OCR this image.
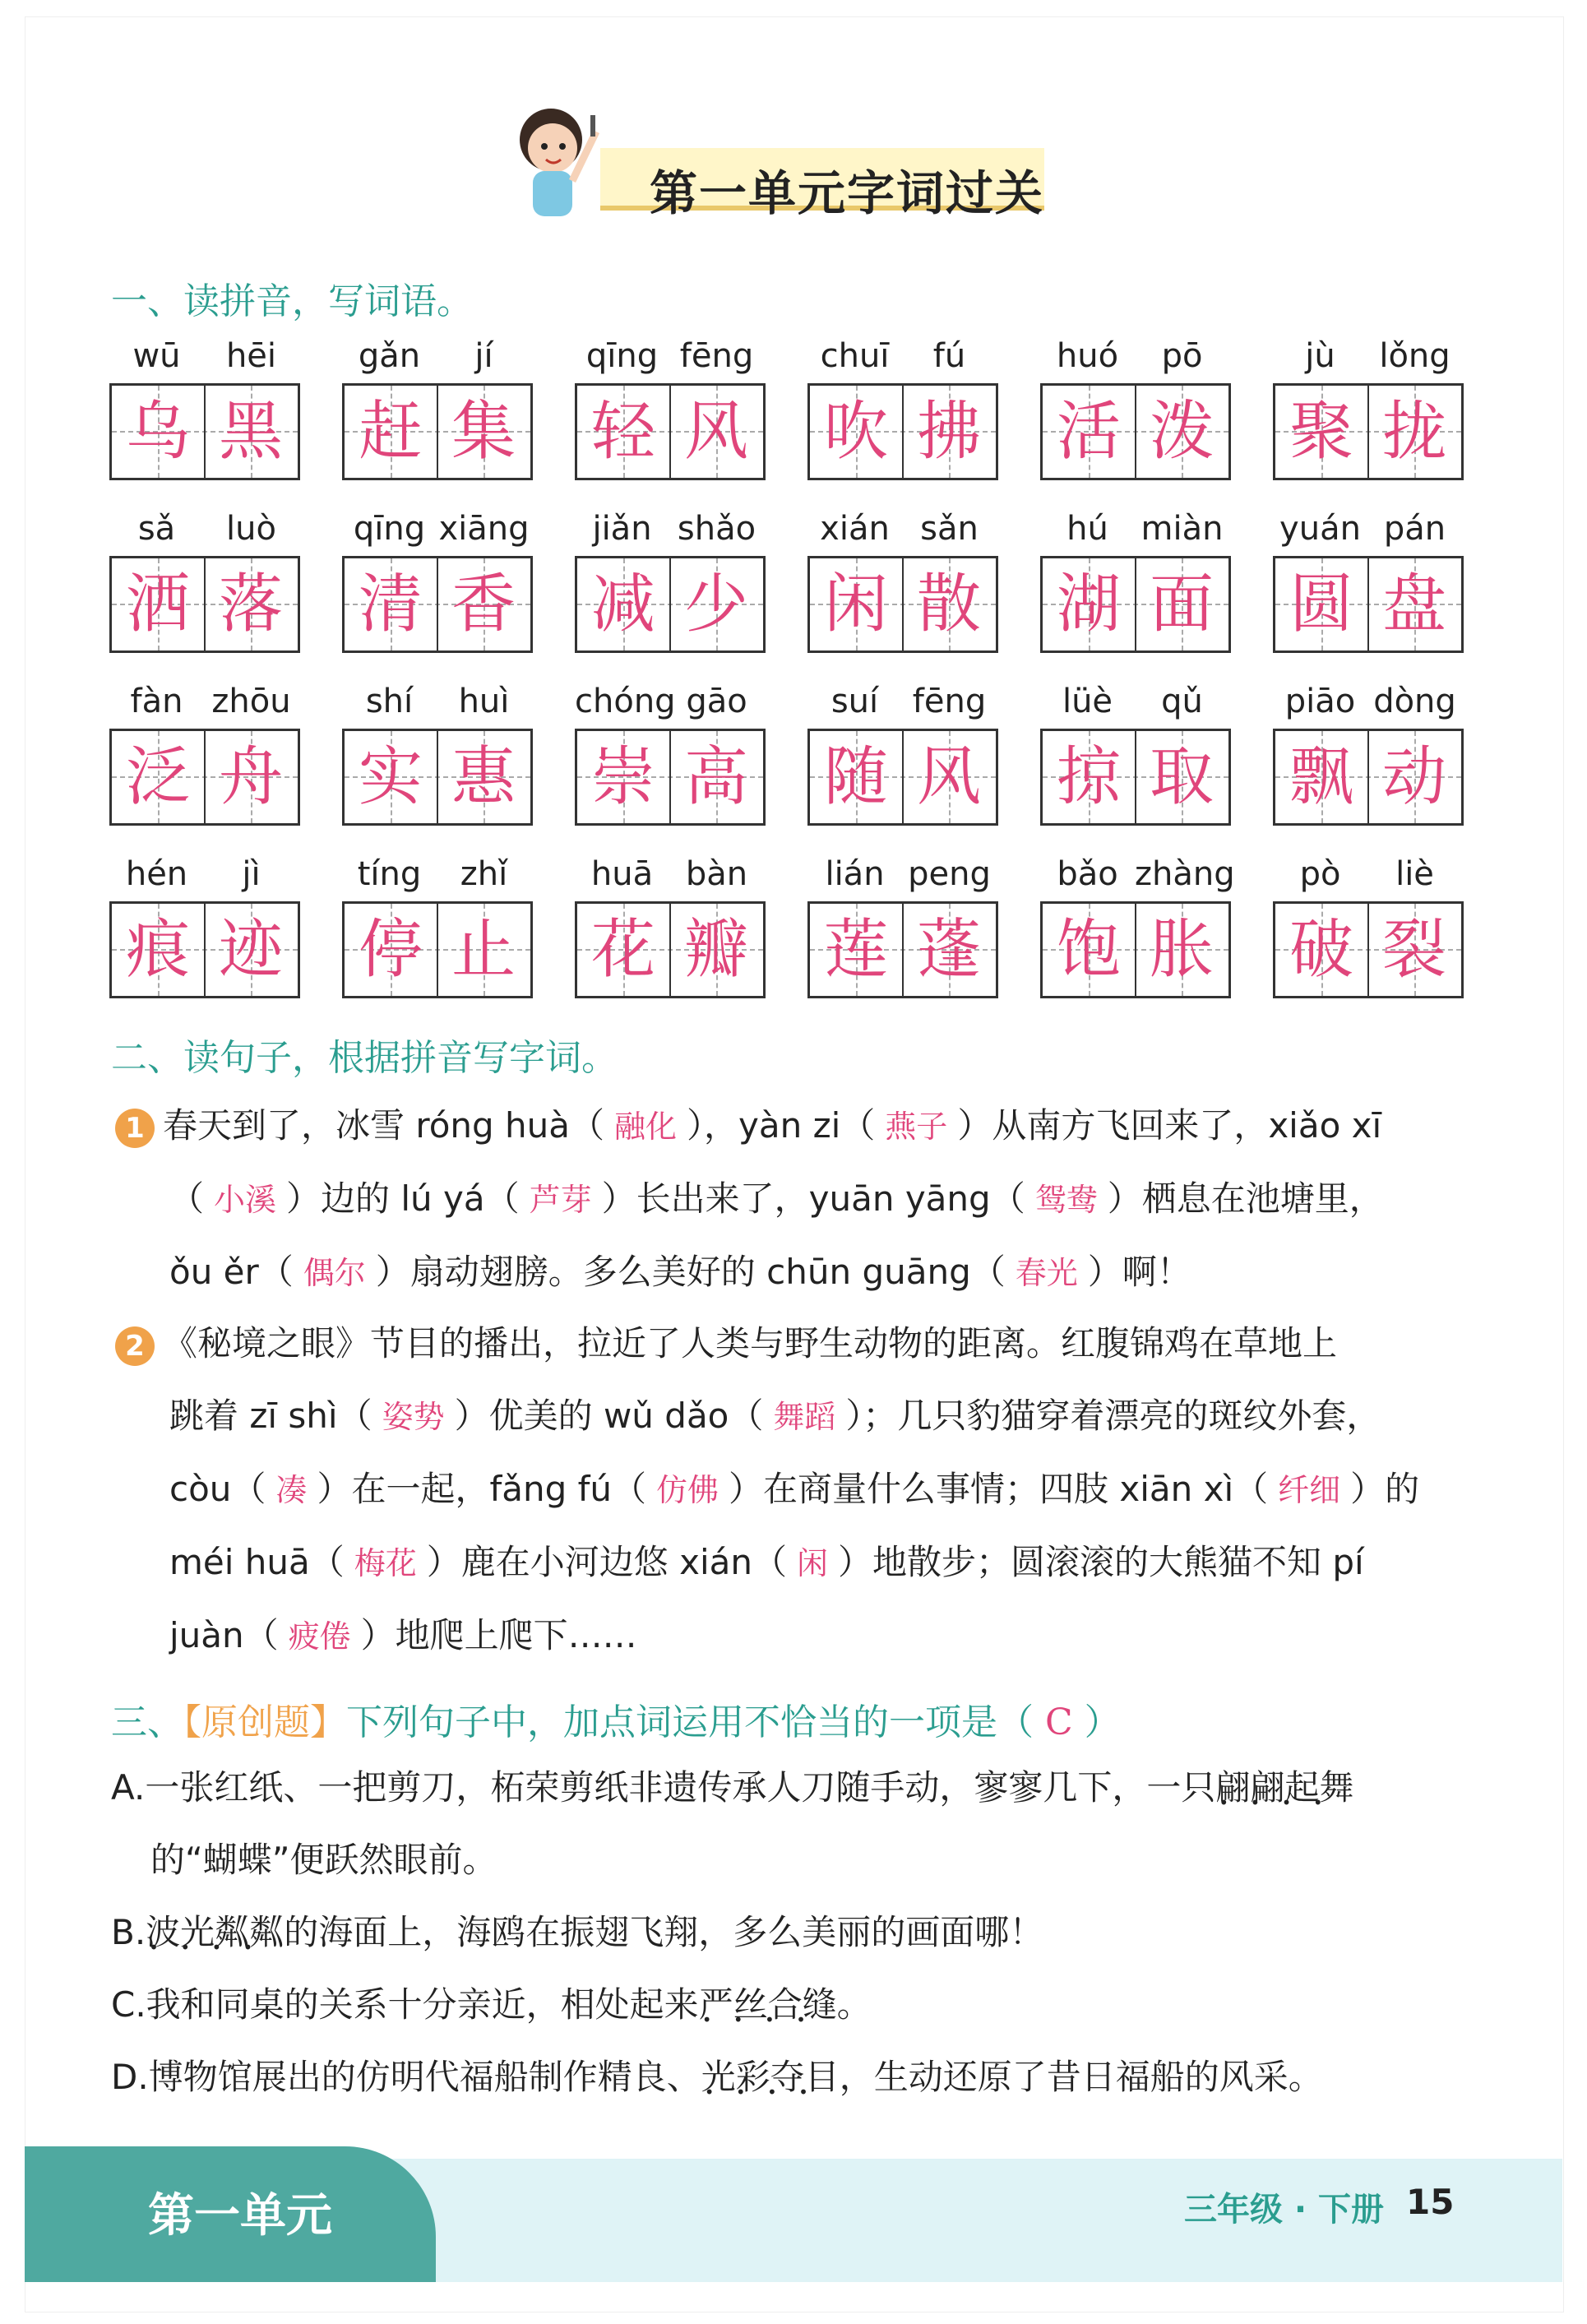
第一单元字词过关
一、读拼音，写词语。
wū	hēi
乌 黑
gǎn	jí
赶 集
qīng fēng
轻 风
chuī	fú
吹 拂
huó	pō
活 泼
jù	lǒng
聚 拢
sǎ	luò
洒 落
qīng xiāng
清 香
jiǎn shǎo
减 少
xián sǎn
闲 散
hú miàn
湖 面
yuán pán
圆 盘
fàn zhōu
泛 舟
shí	huì
实 惠
chóng gāo
崇 高
suí	fēng
随 风
lüè	qǔ
掠 取
piāo dòng
飘 动
hén	jì
痕 迹
tíng	zhǐ
停 止
huā bàn
花 瓣
lián peng
莲 蓬
bǎo zhàng
饱 胀
pò	liè
破 裂
二、读句子，根据拼音写字词。
1 春天到了，冰雪 róng huà（ 融化 ），yàn zi（ 燕子 ）从南方飞回来了，xiǎo xī
（ 小溪 ）边的 lú yá（ 芦芽 ）长出来了，yuān yāng（ 鸳鸯 ）栖息在池塘里，
ǒu ěr（ 偶尔 ）扇动翅膀。多么美好的 chūn guāng（ 春光 ）啊！
2 《秘境之眼》节目的播出，拉近了人类与野生动物的距离。红腹锦鸡在草地上
跳着 zī shì（ 姿势 ）优美的 wǔ dǎo（ 舞蹈 ）；几只豹猫穿着漂亮的斑纹外套，
còu（ 凑 ）在一起，fǎng fú（ 仿佛 ）在商量什么事情；四肢 xiān xì（ 纤细 ）的
méi huā（ 梅花 ）鹿在小河边悠 xián（ 闲 ）地散步；圆滚滚的大熊猫不知 pí
juàn（ 疲倦 ）地爬上爬下……
三、【原创题】下列句子中，加点词运用不恰当的一项是（ C ）
A.一张红纸、一把剪刀，柘荣剪纸非遗传承人刀随手动，寥寥几下，一只翩翩起舞 • • • •
的“蝴蝶”便跃然眼前。
B.波光粼粼 • • • •的海面上，海鸥在振翅飞翔，多么美丽的画面哪！
C.我和同桌的关系十分亲近，相处起来严丝合缝 • • • •。
D.博物馆展出的仿明代福船制作精良、光彩夺目 • • • •，生动还原了昔日福船的风采。
第一单元	三年级 · 下册 15
